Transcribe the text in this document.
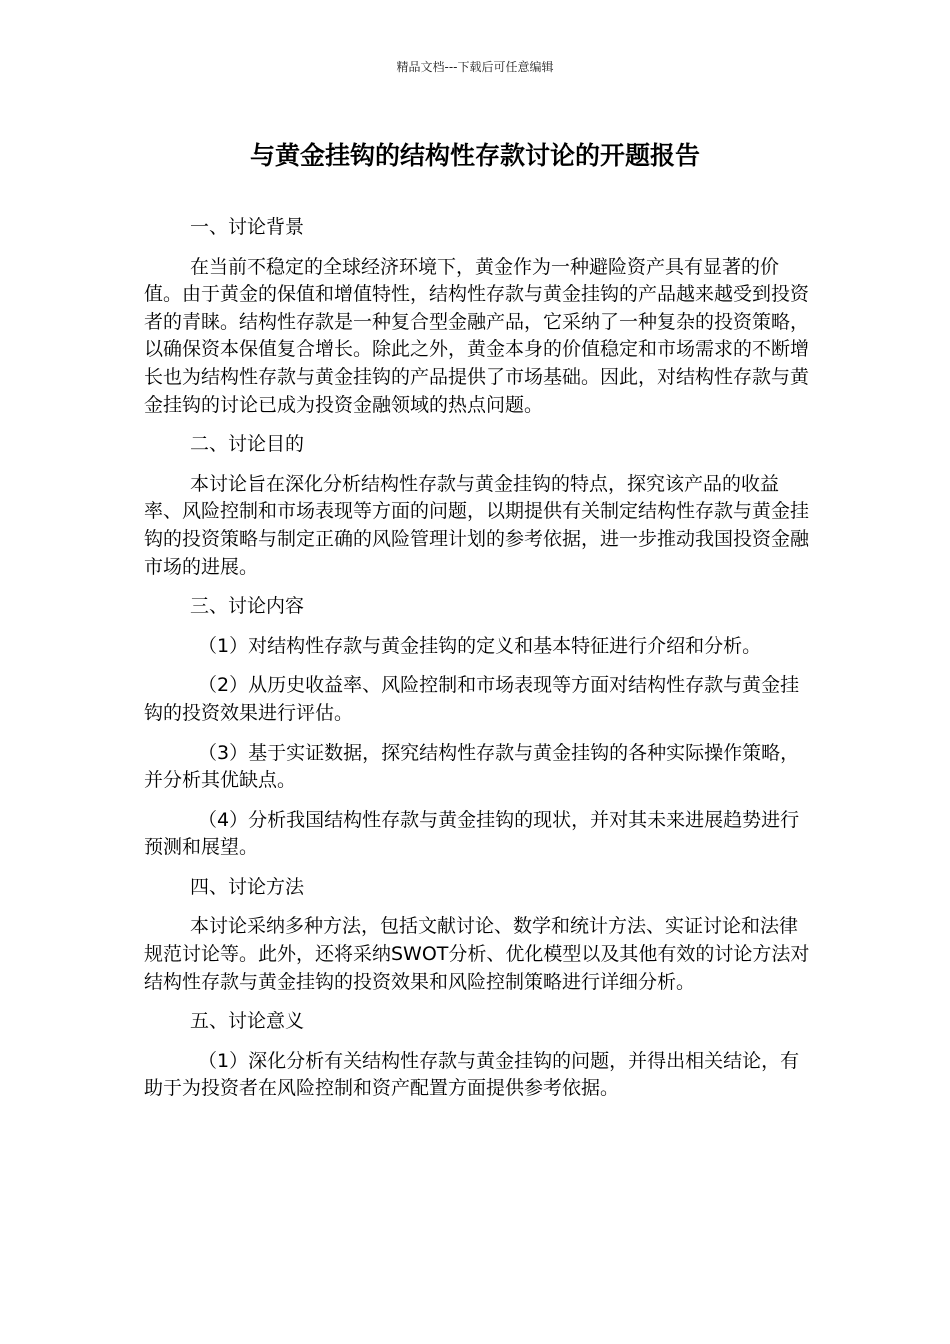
精品文档---下载后可任意编辑
与黄金挂钩的结构性存款讨论的开题报告

一、讨论背景

在当前不稳定的全球经济环境下，黄金作为一种避险资产具有显著的价值。由于黄金的保值和增值特性，结构性存款与黄金挂钩的产品越来越受到投资者的青睐。结构性存款是一种复合型金融产品，它采纳了一种复杂的投资策略，以确保资本保值复合增长。除此之外，黄金本身的价值稳定和市场需求的不断增长也为结构性存款与黄金挂钩的产品提供了市场基础。因此，对结构性存款与黄金挂钩的讨论已成为投资金融领域的热点问题。

二、讨论目的

本讨论旨在深化分析结构性存款与黄金挂钩的特点，探究该产品的收益率、风险控制和市场表现等方面的问题，以期提供有关制定结构性存款与黄金挂钩的投资策略与制定正确的风险管理计划的参考依据，进一步推动我国投资金融市场的进展。

三、讨论内容

（1）对结构性存款与黄金挂钩的定义和基本特征进行介绍和分析。

（2）从历史收益率、风险控制和市场表现等方面对结构性存款与黄金挂钩的投资效果进行评估。

（3）基于实证数据，探究结构性存款与黄金挂钩的各种实际操作策略，并分析其优缺点。

（4）分析我国结构性存款与黄金挂钩的现状，并对其未来进展趋势进行预测和展望。

四、讨论方法

本讨论采纳多种方法，包括文献讨论、数学和统计方法、实证讨论和法律规范讨论等。此外，还将采纳SWOT分析、优化模型以及其他有效的讨论方法对结构性存款与黄金挂钩的投资效果和风险控制策略进行详细分析。

五、讨论意义

（1）深化分析有关结构性存款与黄金挂钩的问题，并得出相关结论，有助于为投资者在风险控制和资产配置方面提供参考依据。
